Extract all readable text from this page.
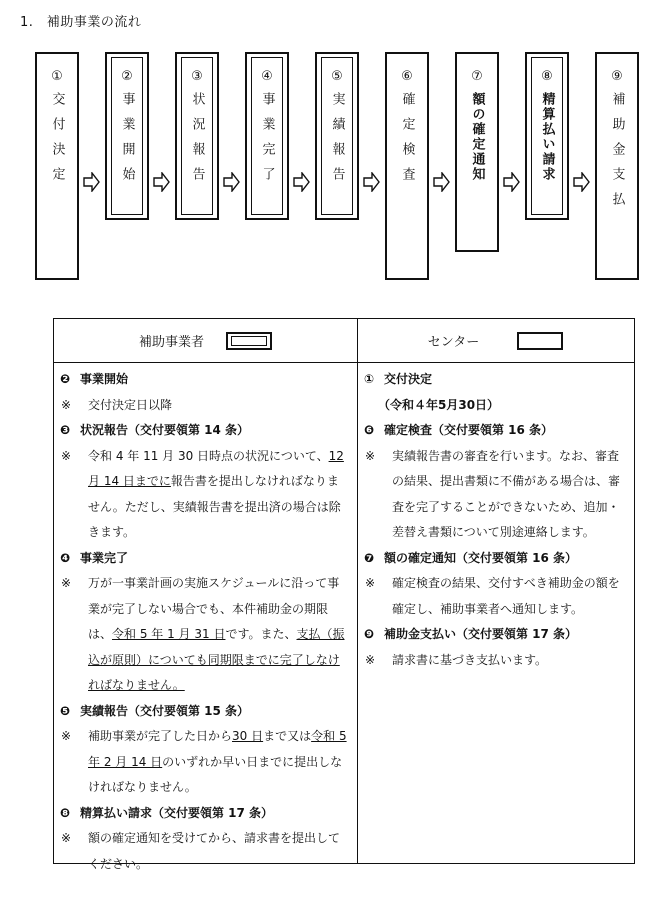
1.　補助事業の流れ
①
交付決定
②
事業開始
③
状況報告
④
事業完了
⑤
実績報告
⑥
確定検査
⑦
額の確定通知
⑧
精算払い請求
⑨
補助金支払
補助事業者	センター
❷ 事業開始
※	交付決定日以降
❸ 状況報告（交付要領第 14 条）
※	令和 4 年 11 月 30 日時点の状況について、12 月 14 日までに報告書を提出しなければなりません。ただし、実績報告書を提出済の場合は除きます。
❹ 事業完了
※	万が一事業計画の実施スケジュールに沿って事業が完了しない場合でも、本件補助金の期限は、令和 5 年 1 月 31 日です。また、支払（振込が原則）についても同期限までに完了しなければなりません。
❺ 実績報告（交付要領第 15 条）
※	補助事業が完了した日から30 日まで又は令和 5 年 2 月 14 日のいずれか早い日までに提出しなければなりません。
❽ 精算払い請求（交付要領第 17 条）
※	額の確定通知を受けてから、請求書を提出してください。
① 交付決定
（令和４年5月30日）
❻ 確定検査（交付要領第 16 条）
※	実績報告書の審査を行います。なお、審査の結果、提出書類に不備がある場合は、審査を完了することができないため、追加・差替え書類について別途連絡します。
❼ 額の確定通知（交付要領第 16 条）
※	確定検査の結果、交付すべき補助金の額を確定し、補助事業者へ通知します。
❾ 補助金支払い（交付要領第 17 条）
※	請求書に基づき支払います。
